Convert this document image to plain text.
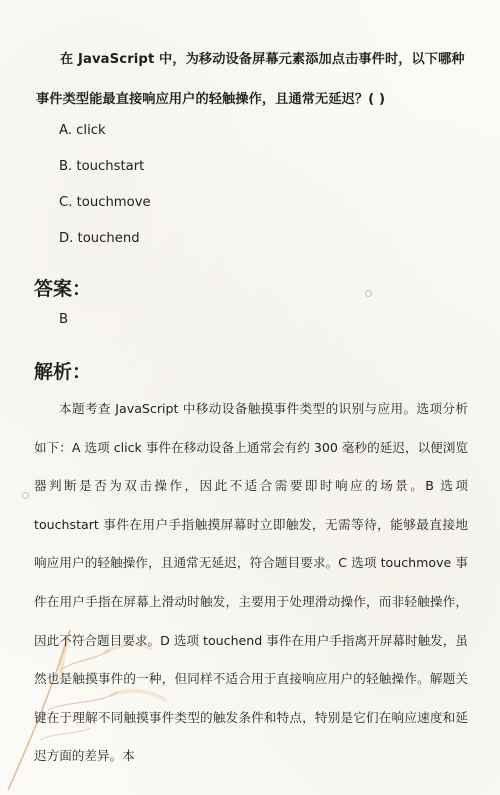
在 JavaScript 中，为移动设备屏幕元素添加点击事件时，以下哪种事件类型能最直接响应用户的轻触操作，且通常无延迟？( )
A. click
B. touchstart
C. touchmove
D. touchend
答案：
B
解析：
本题考查 JavaScript 中移动设备触摸事件类型的识别与应用。选项分析如下：A 选项 click 事件在移动设备上通常会有约 300 毫秒的延迟，以便浏览器判断是否为双击操作，因此不适合需要即时响应的场景。B 选项 touchstart 事件在用户手指触摸屏幕时立即触发，无需等待，能够最直接地响应用户的轻触操作，且通常无延迟，符合题目要求。C 选项 touchmove 事件在用户手指在屏幕上滑动时触发，主要用于处理滑动操作，而非轻触操作，因此不符合题目要求。D 选项 touchend 事件在用户手指离开屏幕时触发，虽然也是触摸事件的一种，但同样不适合用于直接响应用户的轻触操作。解题关键在于理解不同触摸事件类型的触发条件和特点，特别是它们在响应速度和延迟方面的差异。本
